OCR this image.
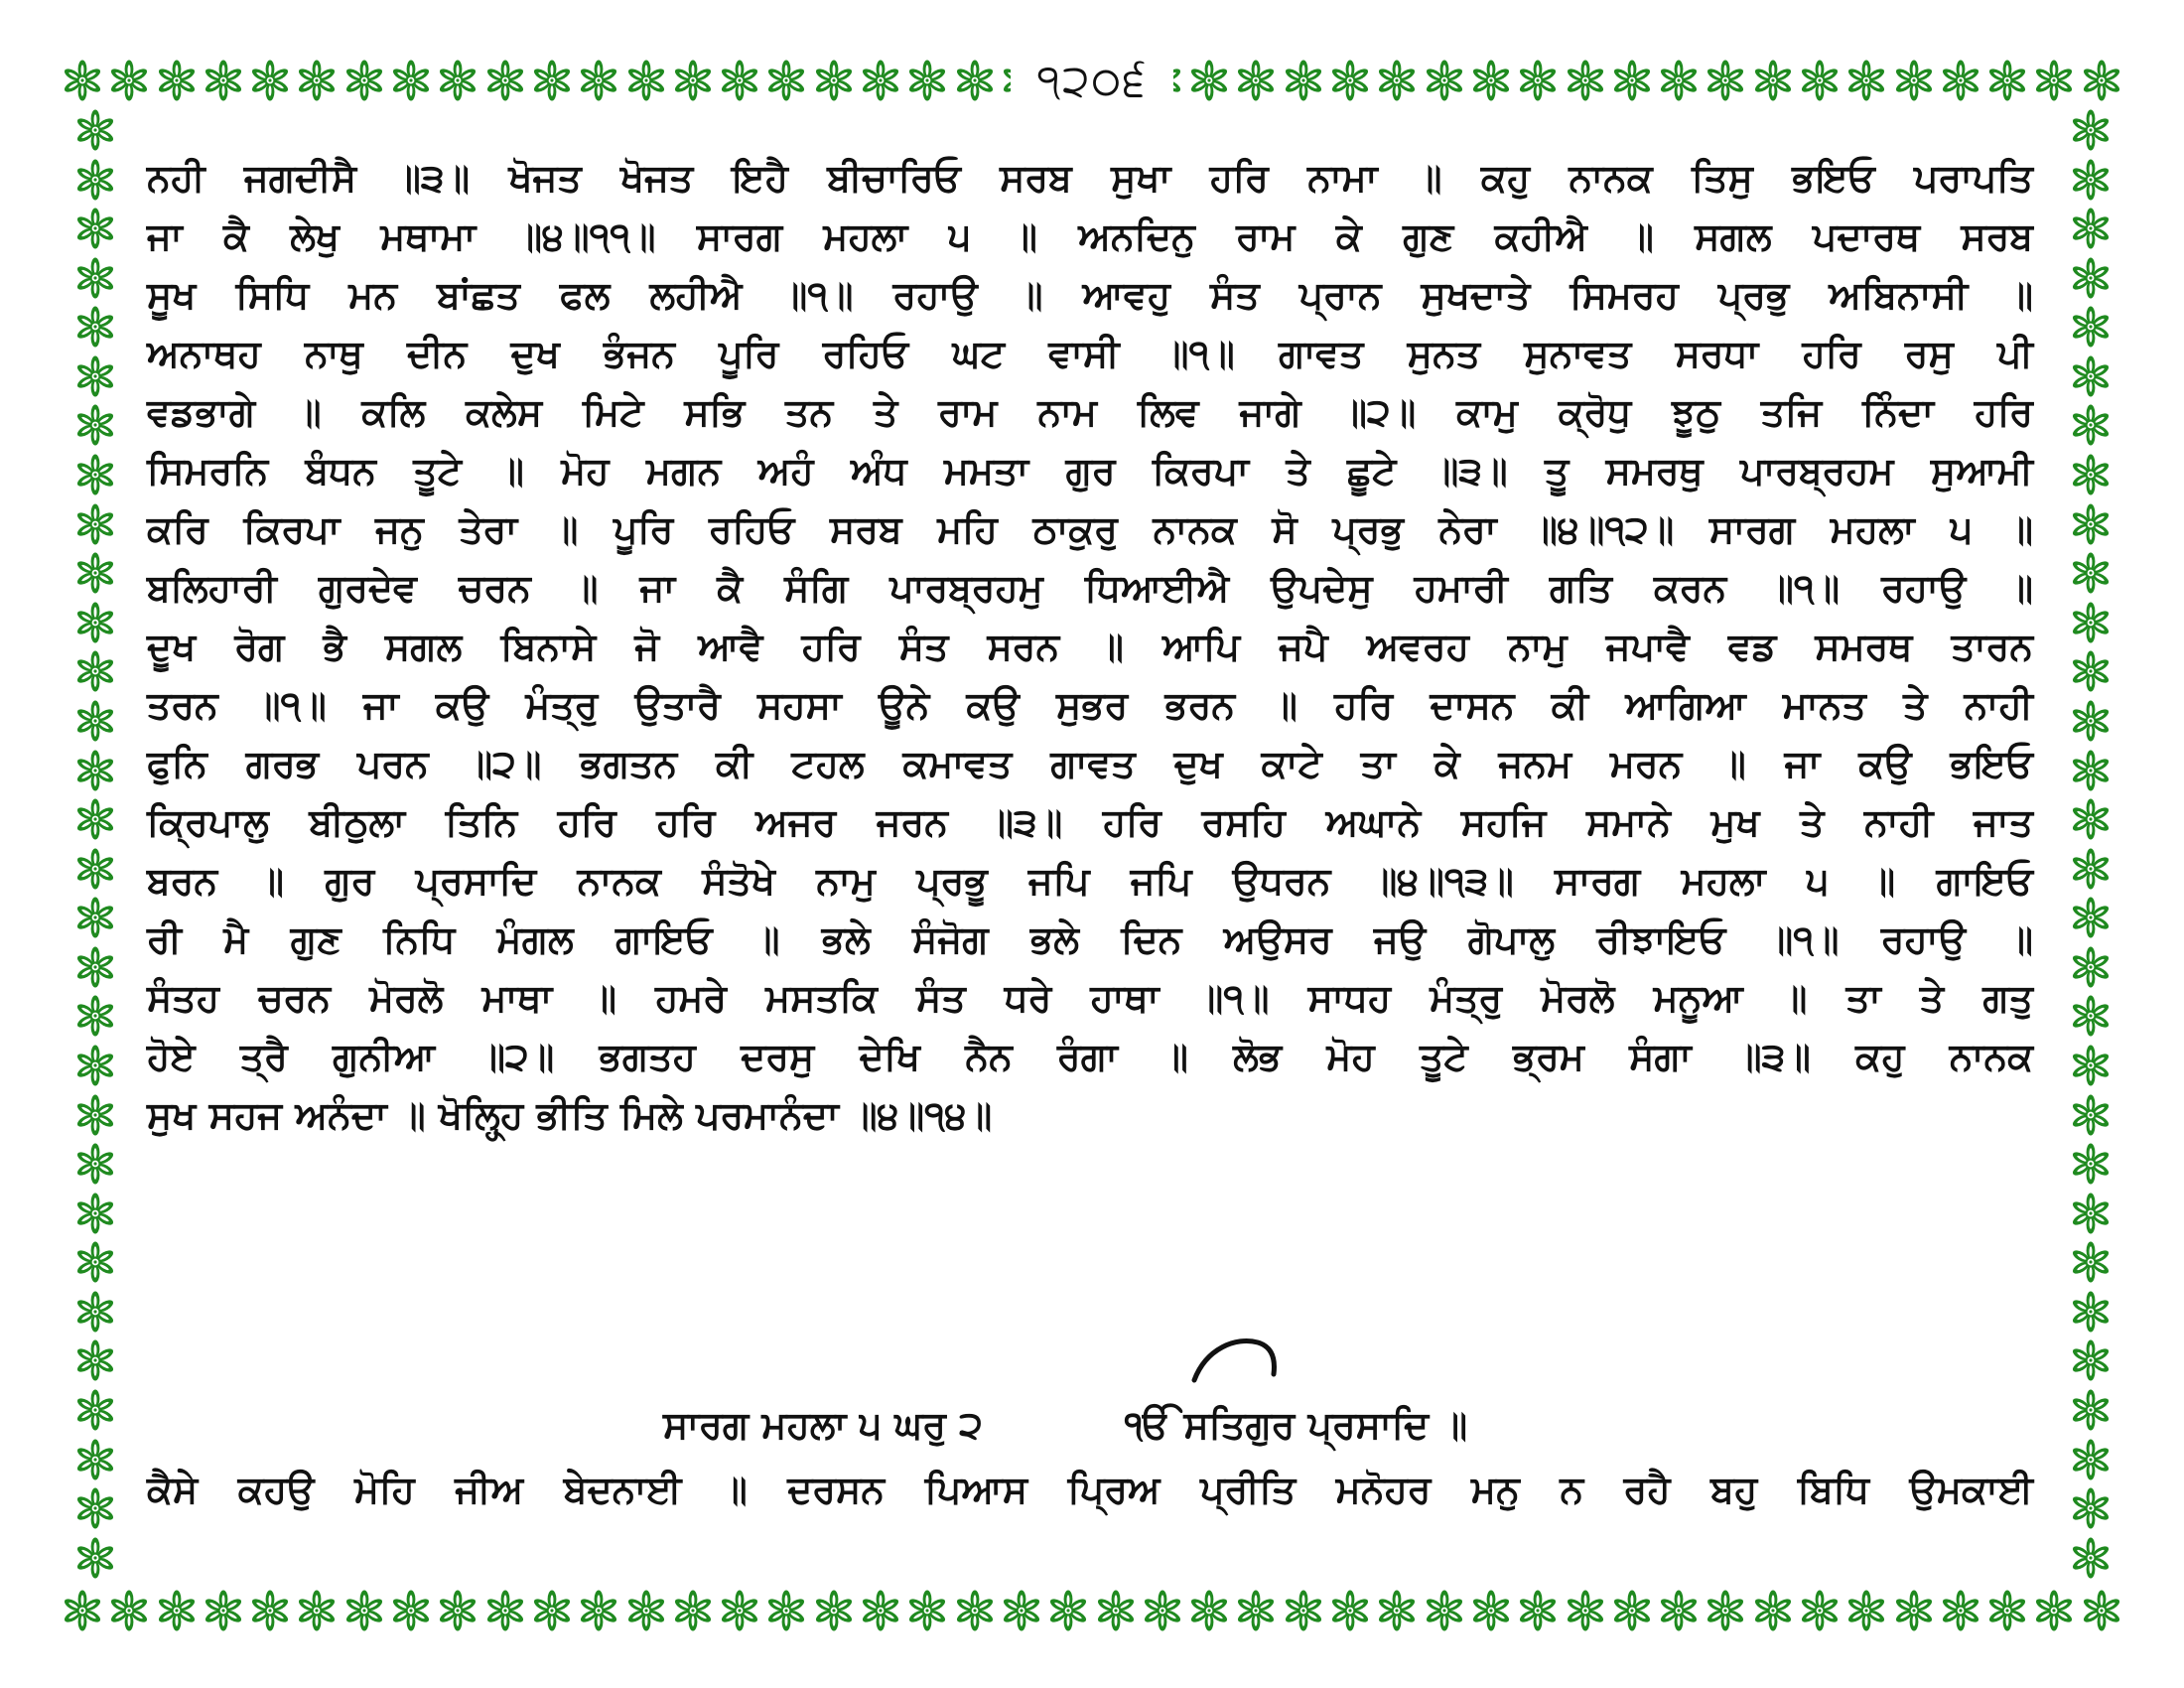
੧੨੦੬
ਨਹੀ ਜਗਦੀਸੈ ॥੩॥ ਖੋਜਤ ਖੋਜਤ ਇਹੈ ਬੀਚਾਰਿਓ ਸਰਬ ਸੁਖਾ ਹਰਿ ਨਾਮਾ ॥ ਕਹੁ ਨਾਨਕ ਤਿਸੁ ਭਇਓ ਪਰਾਪਤਿ
ਜਾ ਕੈ ਲੇਖੁ ਮਥਾਮਾ ॥੪॥੧੧॥ ਸਾਰਗ ਮਹਲਾ ੫ ॥ ਅਨਦਿਨੁ ਰਾਮ ਕੇ ਗੁਣ ਕਹੀਐ ॥ ਸਗਲ ਪਦਾਰਥ ਸਰਬ
ਸੂਖ ਸਿਧਿ ਮਨ ਬਾਂਛਤ ਫਲ ਲਹੀਐ ॥੧॥ ਰਹਾਉ ॥ ਆਵਹੁ ਸੰਤ ਪ੍ਰਾਨ ਸੁਖਦਾਤੇ ਸਿਮਰਹ ਪ੍ਰਭੁ ਅਬਿਨਾਸੀ ॥
ਅਨਾਥਹ ਨਾਥੁ ਦੀਨ ਦੁਖ ਭੰਜਨ ਪੂਰਿ ਰਹਿਓ ਘਟ ਵਾਸੀ ॥੧॥ ਗਾਵਤ ਸੁਨਤ ਸੁਨਾਵਤ ਸਰਧਾ ਹਰਿ ਰਸੁ ਪੀ
ਵਡਭਾਗੇ ॥ ਕਲਿ ਕਲੇਸ ਮਿਟੇ ਸਭਿ ਤਨ ਤੇ ਰਾਮ ਨਾਮ ਲਿਵ ਜਾਗੇ ॥੨॥ ਕਾਮੁ ਕ੍ਰੋਧੁ ਝੂਠੁ ਤਜਿ ਨਿੰਦਾ ਹਰਿ
ਸਿਮਰਨਿ ਬੰਧਨ ਤੂਟੇ ॥ ਮੋਹ ਮਗਨ ਅਹੰ ਅੰਧ ਮਮਤਾ ਗੁਰ ਕਿਰਪਾ ਤੇ ਛੂਟੇ ॥੩॥ ਤੂ ਸਮਰਥੁ ਪਾਰਬ੍ਰਹਮ ਸੁਆਮੀ
ਕਰਿ ਕਿਰਪਾ ਜਨੁ ਤੇਰਾ ॥ ਪੂਰਿ ਰਹਿਓ ਸਰਬ ਮਹਿ ਠਾਕੁਰੁ ਨਾਨਕ ਸੋ ਪ੍ਰਭੁ ਨੇਰਾ ॥੪॥੧੨॥ ਸਾਰਗ ਮਹਲਾ ੫ ॥
ਬਲਿਹਾਰੀ ਗੁਰਦੇਵ ਚਰਨ ॥ ਜਾ ਕੈ ਸੰਗਿ ਪਾਰਬ੍ਰਹਮੁ ਧਿਆਈਐ ਉਪਦੇਸੁ ਹਮਾਰੀ ਗਤਿ ਕਰਨ ॥੧॥ ਰਹਾਉ ॥
ਦੂਖ ਰੋਗ ਭੈ ਸਗਲ ਬਿਨਾਸੇ ਜੋ ਆਵੈ ਹਰਿ ਸੰਤ ਸਰਨ ॥ ਆਪਿ ਜਪੈ ਅਵਰਹ ਨਾਮੁ ਜਪਾਵੈ ਵਡ ਸਮਰਥ ਤਾਰਨ
ਤਰਨ ॥੧॥ ਜਾ ਕਉ ਮੰਤ੍ਰੁ ਉਤਾਰੈ ਸਹਸਾ ਊਨੇ ਕਉ ਸੁਭਰ ਭਰਨ ॥ ਹਰਿ ਦਾਸਨ ਕੀ ਆਗਿਆ ਮਾਨਤ ਤੇ ਨਾਹੀ
ਫੁਨਿ ਗਰਭ ਪਰਨ ॥੨॥ ਭਗਤਨ ਕੀ ਟਹਲ ਕਮਾਵਤ ਗਾਵਤ ਦੁਖ ਕਾਟੇ ਤਾ ਕੇ ਜਨਮ ਮਰਨ ॥ ਜਾ ਕਉ ਭਇਓ
ਕ੍ਰਿਪਾਲੁ ਬੀਠੁਲਾ ਤਿਨਿ ਹਰਿ ਹਰਿ ਅਜਰ ਜਰਨ ॥੩॥ ਹਰਿ ਰਸਹਿ ਅਘਾਨੇ ਸਹਜਿ ਸਮਾਨੇ ਮੁਖ ਤੇ ਨਾਹੀ ਜਾਤ
ਬਰਨ ॥ ਗੁਰ ਪ੍ਰਸਾਦਿ ਨਾਨਕ ਸੰਤੋਖੇ ਨਾਮੁ ਪ੍ਰਭੂ ਜਪਿ ਜਪਿ ਉਧਰਨ ॥੪॥੧੩॥ ਸਾਰਗ ਮਹਲਾ ੫ ॥ ਗਾਇਓ
ਰੀ ਮੈ ਗੁਣ ਨਿਧਿ ਮੰਗਲ ਗਾਇਓ ॥ ਭਲੇ ਸੰਜੋਗ ਭਲੇ ਦਿਨ ਅਉਸਰ ਜਉ ਗੋਪਾਲੁ ਰੀਝਾਇਓ ॥੧॥ ਰਹਾਉ ॥
ਸੰਤਹ ਚਰਨ ਮੋਰਲੋ ਮਾਥਾ ॥ ਹਮਰੇ ਮਸਤਕਿ ਸੰਤ ਧਰੇ ਹਾਥਾ ॥੧॥ ਸਾਧਹ ਮੰਤ੍ਰੁ ਮੋਰਲੋ ਮਨੂਆ ॥ ਤਾ ਤੇ ਗਤੁ
ਹੋਏ ਤ੍ਰੈ ਗੁਨੀਆ ॥੨॥ ਭਗਤਹ ਦਰਸੁ ਦੇਖਿ ਨੈਨ ਰੰਗਾ ॥ ਲੋਭ ਮੋਹ ਤੂਟੇ ਭ੍ਰਮ ਸੰਗਾ ॥੩॥ ਕਹੁ ਨਾਨਕ
ਸੁਖ ਸਹਜ ਅਨੰਦਾ ॥ ਖੋਲ੍ਹ੍ਹਿ ਭੀਤਿ ਮਿਲੇ ਪਰਮਾਨੰਦਾ ॥੪॥੧੪॥
ਸਾਰਗ ਮਹਲਾ ੫ ਘਰੁ ੨	ੴ ਸਤਿਗੁਰ ਪ੍ਰਸਾਦਿ ॥
ਕੈਸੇ ਕਹਉ ਮੋਹਿ ਜੀਅ ਬੇਦਨਾਈ ॥ ਦਰਸਨ ਪਿਆਸ ਪ੍ਰਿਅ ਪ੍ਰੀਤਿ ਮਨੋਹਰ ਮਨੁ ਨ ਰਹੈ ਬਹੁ ਬਿਧਿ ਉਮਕਾਈ
